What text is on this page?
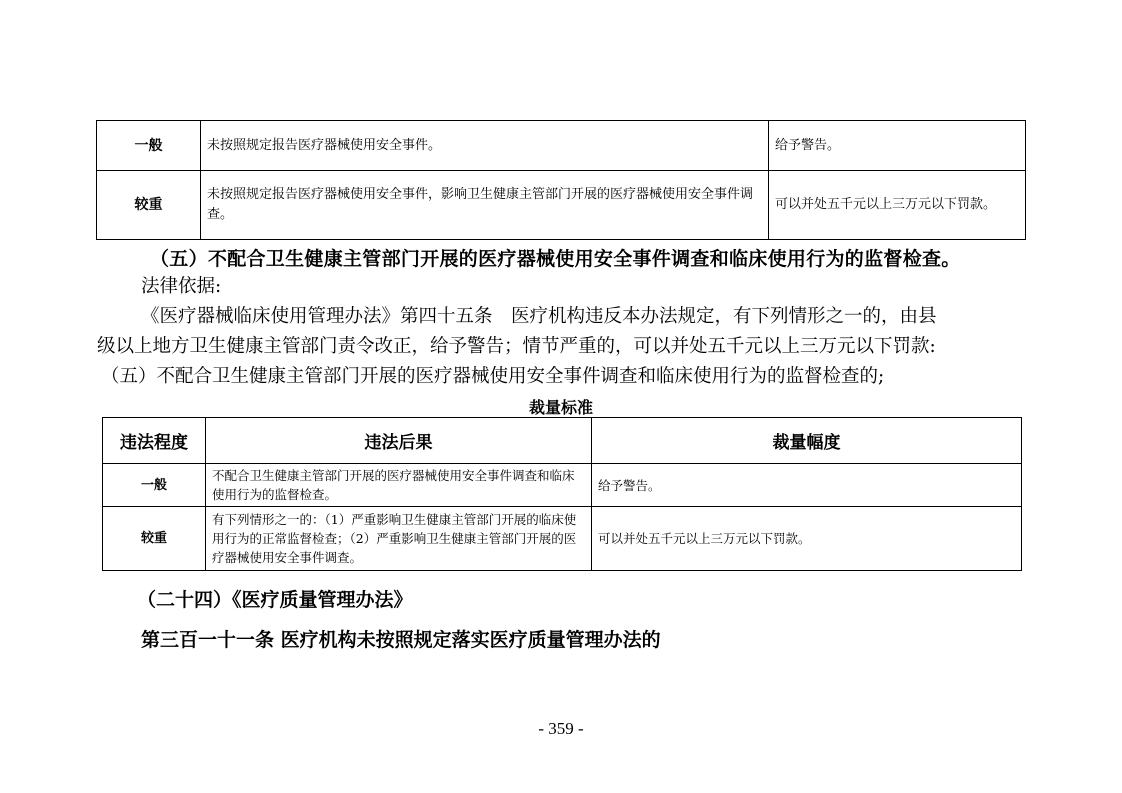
一般	未按照规定报告医疗器械使用安全事件。	给予警告。
较重	未按照规定报告医疗器械使用安全事件，影响卫生健康主管部门开展的医疗器械使用安全事件调查。	可以并处五千元以上三万元以下罚款。
（五）不配合卫生健康主管部门开展的医疗器械使用安全事件调查和临床使用行为的监督检查。
法律依据:
《医疗器械临床使用管理办法》第四十五条　医疗机构违反本办法规定，有下列情形之一的，由县
级以上地方卫生健康主管部门责令改正，给予警告；情节严重的，可以并处五千元以上三万元以下罚款:
（五）不配合卫生健康主管部门开展的医疗器械使用安全事件调查和临床使用行为的监督检查的;
裁量标准
违法程度	违法后果	裁量幅度
一般	不配合卫生健康主管部门开展的医疗器械使用安全事件调查和临床使用行为的监督检查。	给予警告。
较重	有下列情形之一的：（1）严重影响卫生健康主管部门开展的临床使用行为的正常监督检查；（2）严重影响卫生健康主管部门开展的医疗器械使用安全事件调查。	可以并处五千元以上三万元以下罚款。
（二十四）《医疗质量管理办法》
第三百一十一条 医疗机构未按照规定落实医疗质量管理办法的
- 359 -
